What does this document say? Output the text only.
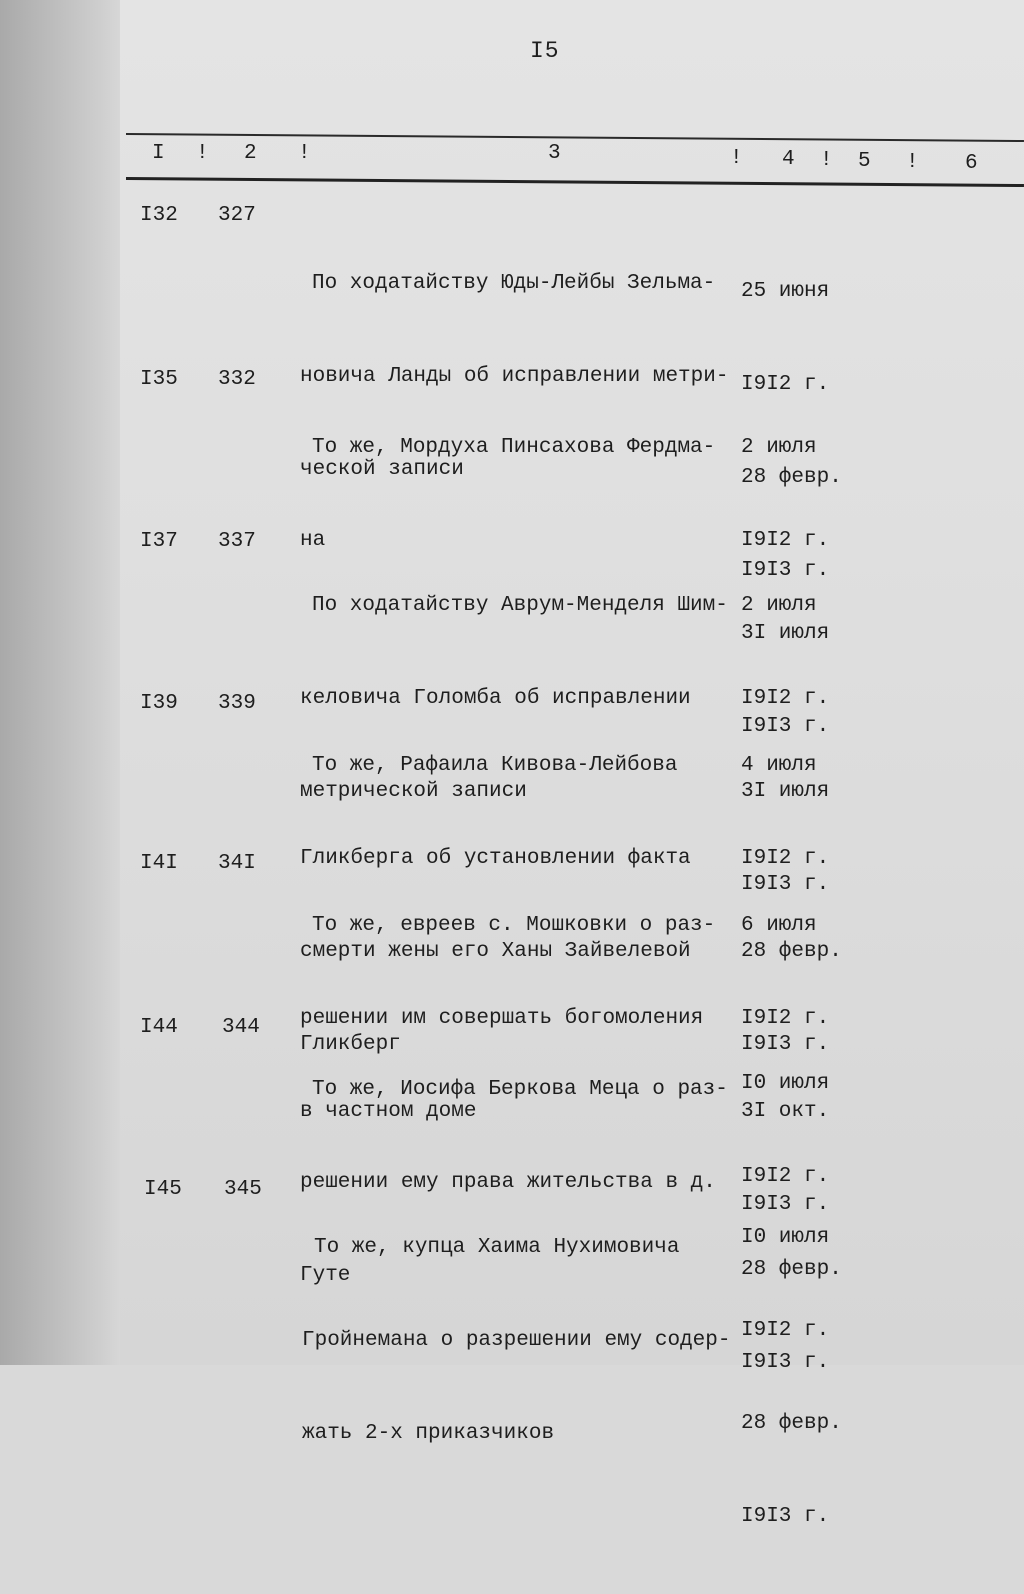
I5
I ! 2 !	3	! 4 ! 5 ! 6
I32 327

По ходатайству Юды-Лейбы Зельма-

новича Ланды об исправлении метри-

ческой записи

25 июня

I9I2 г.

28 февр.

I9I3 г.

I35 332

То же, Мордуха Пинсахова Фердма-

на

2 июля

I9I2 г.

3I июля

I9I3 г.

I37 337

По ходатайству Аврум-Менделя Шим-

келовича Голомба об исправлении

метрической записи

2 июля

I9I2 г.

3I июля

I9I3 г.

I39 339

То же, Рафаила Кивова-Лейбова

Гликберга об установлении факта

смерти жены его Ханы Зайвелевой

Гликберг

4 июля

I9I2 г.

28 февр.

I9I3 г.

I4I 34I

То же, евреев с. Мошковки о раз-

решении им совершать богомоления

в частном доме

6 июля

I9I2 г.

3I окт.

I9I3 г.

I44 344

То же, Иосифа Беркова Меца о раз-

решении ему права жительства в д.

Гуте

I0 июля

I9I2 г.

28 февр.

I9I3 г.

I45 345

То же, купца Хаима Нухимовича

Гройнемана о разрешении ему содер-

жать 2-х приказчиков

I0 июля

I9I2 г.

28 февр.

I9I3 г.
